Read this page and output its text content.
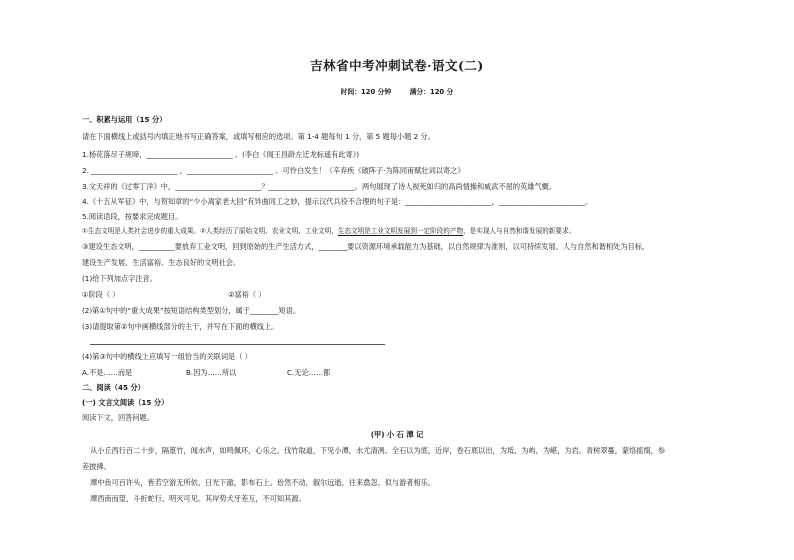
吉林省中考冲刺试卷·语文(二)
时间：120 分钟	满分：120 分
一、积累与运用（15 分）
请在下面横线上或括号内填正地书写正确答案，或填写相应的选项。第 1-4 题每句 1 分，第 5 题每小题 2 分。
1.杨花落尽子规啼，________________________ 。(李白《闻王昌龄左迁龙标遥有此寄》)
2. ________________________ ，________________________ 。可怜白发生！（辛弃疾《破阵子·为陈同甫赋壮词以寄之》
3.文天祥的《过零丁洋》中，________________________？________________________。两句展现了诗人视死如归的高尚情操和威武不屈的英雄气概。
4.《十五从军征》中，与贺知章的“少小离家老大回”有异曲同工之妙，提示汉代兵役不合理的句子是：________________________，________________________。
5.阅读语段，按要求完成题目。
①生态文明是人类社会进步的重大成果。②人类经历了原始文明、农业文明、工业文明，生态文明是工业文明发展到一定阶段的产物，是实现人与自然和谐发展的新要求。
③建设生态文明，__________要放弃工业文明，回到原始的生产生活方式，________要以资源环境承载能力为基础，以自然规律为准则，以可持续发展、人与自然和谐相处为目标，
建设生产发展、生活富裕、生态良好的文明社会。
(1)给下列加点字注音。
①阶段（ ）	②富裕（ ）
(2)第①句中的“重大成果”按短语结构类型划分，属于________短语。
(3)请提取第②句中画横线部分的主干，并写在下面的横线上。
(4)第③句中的横线上应填写一组恰当的关联词是（ ）
A.不是……而是	B.因为……所以	C.无论……都
二、阅读（45 分）
(一) 文言文阅读（15 分）
阅读下文，回答问题。
(甲) 小 石 潭 记
从小丘西行百二十步，隔篁竹，闻水声，如鸣佩环，心乐之。伐竹取道，下见小潭，水尤清冽。全石以为底，近岸，卷石底以出，为坻，为屿，为嵁，为岩。青树翠蔓，蒙络摇缀，参
差披拂。
潭中鱼可百许头，皆若空游无所依，日光下澈，影布石上。佁然不动，俶尔远逝，往来翕忽。似与游者相乐。
潭西南而望，斗折蛇行，明灭可见。其岸势犬牙差互，不可知其源。
